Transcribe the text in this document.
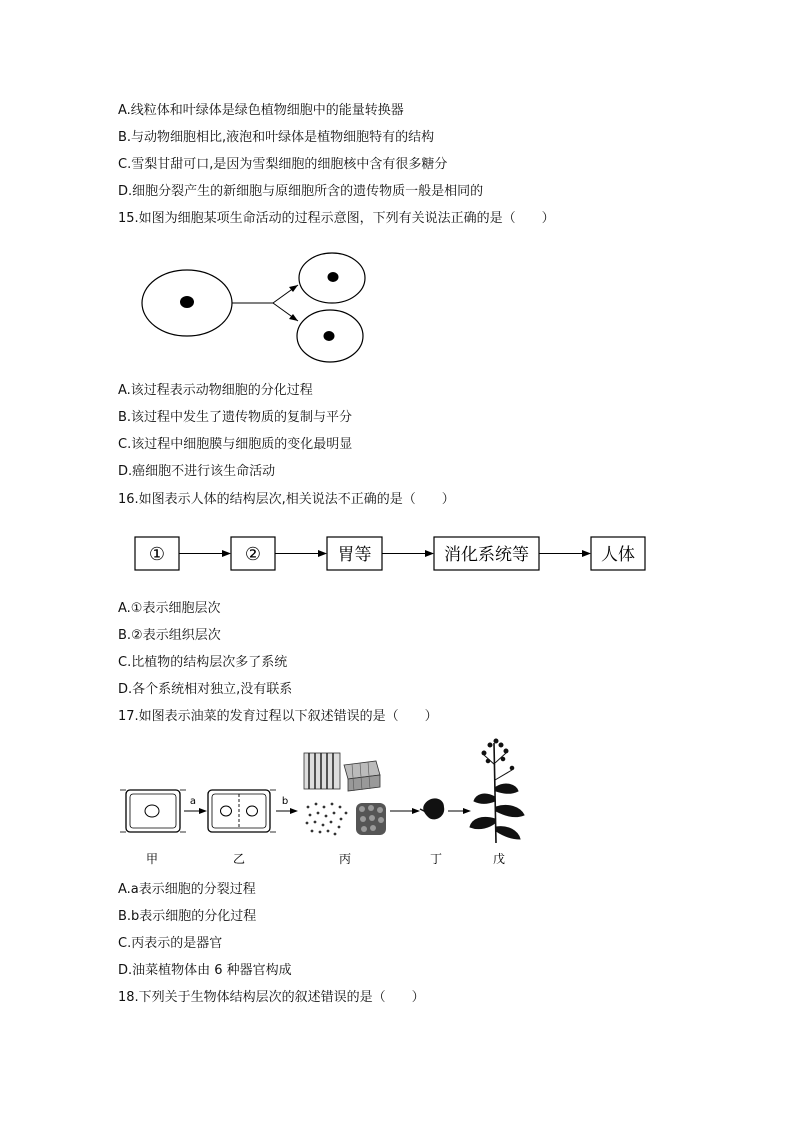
A.线粒体和叶绿体是绿色植物细胞中的能量转换器
B.与动物细胞相比,液泡和叶绿体是植物细胞特有的结构
C.雪梨甘甜可口,是因为雪梨细胞的细胞核中含有很多糖分
D.细胞分裂产生的新细胞与原细胞所含的遗传物质一般是相同的
15.如图为细胞某项生命活动的过程示意图，下列有关说法正确的是（　　）
A.该过程表示动物细胞的分化过程
B.该过程中发生了遗传物质的复制与平分
C.该过程中细胞膜与细胞质的变化最明显
D.癌细胞不进行该生命活动
16.如图表示人体的结构层次,相关说法不正确的是（　　）
①	②	胃等	消化系统等	人体
A.①表示细胞层次
B.②表示组织层次
C.比植物的结构层次多了系统
D.各个系统相对独立,没有联系
17.如图表示油菜的发育过程以下叙述错误的是（　　）
a	b
甲	乙	丙	丁	戊
A.a表示细胞的分裂过程
B.b表示细胞的分化过程
C.丙表示的是器官
D.油菜植物体由 6 种器官构成
18.下列关于生物体结构层次的叙述错误的是（　　）
